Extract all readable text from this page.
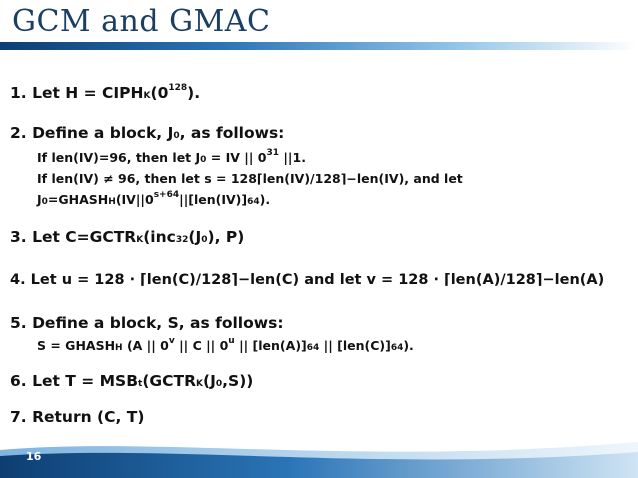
GCM and GMAC
1. Let $H = CIPHK(0^{128})$.
2. Define a block, J0, as follows:
If len(IV)=96, then let J0 = IV || $0^{31}$ ||1.
If len(IV) ≠ 96, then let s = 128⌈len(IV)/128⌉−len(IV), and let
$J0=GHASHH(IV||0^{s+64}||[len(IV)]64)$.
3. Let C=GCTRK(inc32(J0), P)
4. Let u = 128 ⋅ ⌈len(C)/128⌉−len(C) and let v = 128 ⋅ ⌈len(A)/128⌉−len(A)
5. Define a block, S, as follows:
S = GHASHH (A || 0$^v$ || C || 0$^u$ || [len(A)]64 || [len(C)]64).
6. Let T = MSBt(GCTRK(J0,S))
7. Return (C, T)
16
